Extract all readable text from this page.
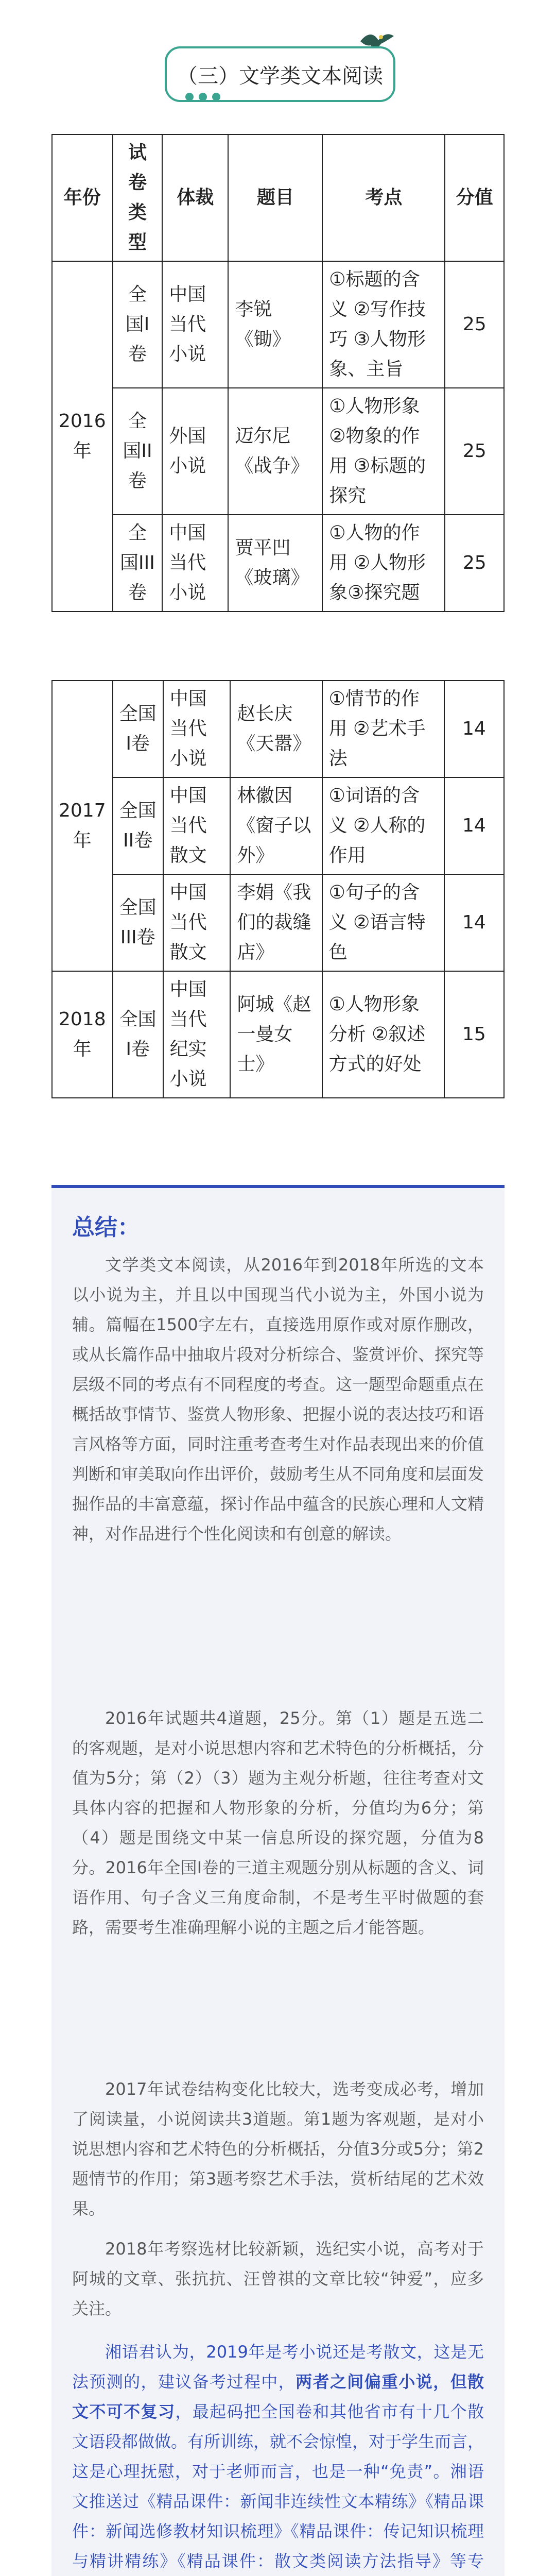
（三）文学类文本阅读
年份	试卷类型	体裁	题目	考点	分值
2016年	全国I卷	中国当代小说	李锐《锄》	①标题的含义 ②写作技巧 ③人物形象、主旨	25
	全国II卷	外国小说	迈尔尼《战争》	①人物形象 ②物象的作用 ③标题的探究	25
	全国III卷	中国当代小说	贾平凹《玻璃》	①人物的作用 ②人物形象③探究题	25
2017年	全国I卷	中国当代小说	赵长庆《天嚣》	①情节的作用 ②艺术手法	14
	全国II卷	中国当代散文	林徽因《窗子以外》	①词语的含义 ②人称的作用	14
	全国III卷	中国当代散文	李娟《我们的裁缝店》	①句子的含义 ②语言特色	14
2018年	全国I卷	中国当代纪实小说	阿城《赵一曼女士》	①人物形象分析 ②叙述方式的好处	15
总结：

文学类文本阅读，从2016年到2018年所选的文本以小说为主，并且以中国现当代小说为主，外国小说为辅。篇幅在1500字左右，直接选用原作或对原作删改，或从长篇作品中抽取片段对分析综合、鉴赏评价、探究等层级不同的考点有不同程度的考查。这一题型命题重点在概括故事情节、鉴赏人物形象、把握小说的表达技巧和语言风格等方面，同时注重考查考生对作品表现出来的价值判断和审美取向作出评价，鼓励考生从不同角度和层面发掘作品的丰富意蕴，探讨作品中蕴含的民族心理和人文精神，对作品进行个性化阅读和有创意的解读。

2016年试题共4道题，25分。第（1）题是五选二的客观题，是对小说思想内容和艺术特色的分析概括，分值为5分；第（2）（3）题为主观分析题，往往考查对文具体内容的把握和人物形象的分析，分值均为6分；第（4）题是围绕文中某一信息所设的探究题，分值为8分。2016年全国I卷的三道主观题分别从标题的含义、词语作用、句子含义三角度命制，不是考生平时做题的套路，需要考生准确理解小说的主题之后才能答题。

2017年试卷结构变化比较大，选考变成必考，增加了阅读量，小说阅读共3道题。第1题为客观题，是对小说思想内容和艺术特色的分析概括，分值3分或5分；第2题情节的作用；第3题考察艺术手法，赏析结尾的艺术效果。

2018年考察选材比较新颖，选纪实小说，高考对于阿城的文章、张抗抗、汪曾祺的文章比较“钟爱”，应多关注。

湘语君认为，2019年是考小说还是考散文，这是无法预测的，建议备考过程中，两者之间偏重小说，但散文不可不复习，最起码把全国卷和其他省市有十几个散文语段都做做。有所训练，就不会惊惶，对于学生而言，这是心理抚慰，对于老师而言，也是一种“免责”。湘语文推送过《精品课件：新闻非连续性文本精练》《精品课件：新闻选修教材知识梳理》《精品课件：传记知识梳理与精讲精练》《精品课件：散文类阅读方法指导》等专
